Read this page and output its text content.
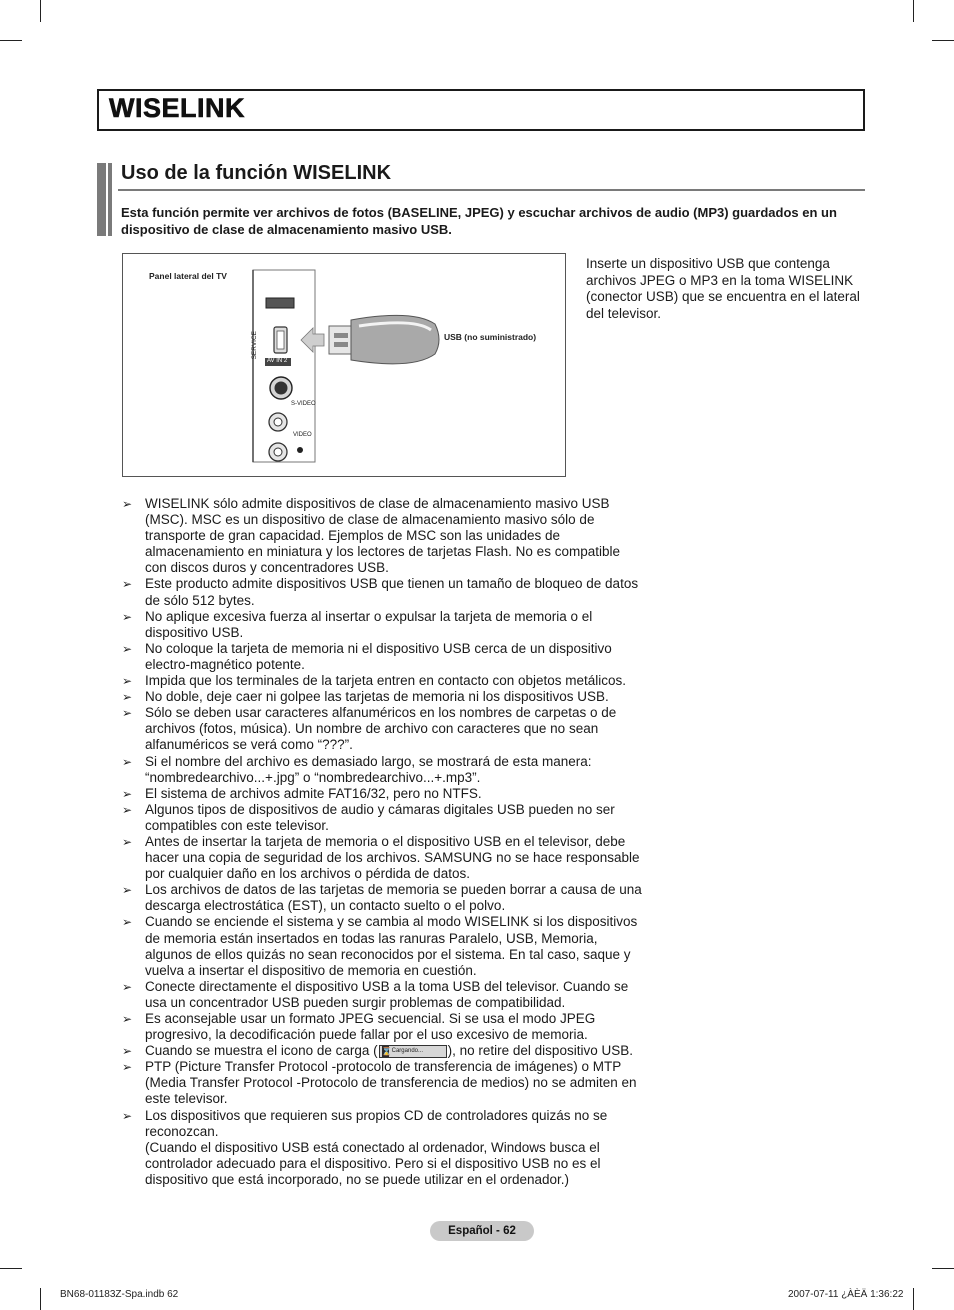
WISELINK
Uso de la función WISELINK

Esta función permite ver archivos de fotos (BASELINE, JPEG) y escuchar archivos de audio (MP3) guardados en un dispositivo de clase de almacenamiento masivo USB.

Panel lateral del TV
HDMI IN 3
SERVICE
AV IN 2
S-VIDEO
VIDEO
USB (no suministrado)

Inserte un dispositivo USB que contenga archivos JPEG o MP3 en la toma WISELINK (conector USB) que se encuentra en el lateral del televisor.

➢ WISELINK sólo admite dispositivos de clase de almacenamiento masivo USB (MSC). MSC es un dispositivo de clase de almacenamiento masivo sólo de transporte de gran capacidad. Ejemplos de MSC son las unidades de almacenamiento en miniatura y los lectores de tarjetas Flash. No es compatible con discos duros y concentradores USB.
➢ Este producto admite dispositivos USB que tienen un tamaño de bloqueo de datos de sólo 512 bytes.
➢ No aplique excesiva fuerza al insertar o expulsar la tarjeta de memoria o el dispositivo USB.
➢ No coloque la tarjeta de memoria ni el dispositivo USB cerca de un dispositivo electro-magnético potente.
➢ Impida que los terminales de la tarjeta entren en contacto con objetos metálicos.
➢ No doble, deje caer ni golpee las tarjetas de memoria ni los dispositivos USB.
➢ Sólo se deben usar caracteres alfanuméricos en los nombres de carpetas o de archivos (fotos, música). Un nombre de archivo con caracteres que no sean alfanuméricos se verá como “???”.
➢ Si el nombre del archivo es demasiado largo, se mostrará de esta manera: “nombredearchivo...+.jpg” o “nombredearchivo...+.mp3”.
➢ El sistema de archivos admite FAT16/32, pero no NTFS.
➢ Algunos tipos de dispositivos de audio y cámaras digitales USB pueden no ser compatibles con este televisor.
➢ Antes de insertar la tarjeta de memoria o el dispositivo USB en el televisor, debe hacer una copia de seguridad de los archivos. SAMSUNG no se hace responsable por cualquier daño en los archivos o pérdida de datos.
➢ Los archivos de datos de las tarjetas de memoria se pueden borrar a causa de una descarga electrostática (EST), un contacto suelto o el polvo.
➢ Cuando se enciende el sistema y se cambia al modo WISELINK si los dispositivos de memoria están insertados en todas las ranuras Paralelo, USB, Memoria, algunos de ellos quizás no sean reconocidos por el sistema. En tal caso, saque y vuelva a insertar el dispositivo de memoria en cuestión.
➢ Conecte directamente el dispositivo USB a la toma USB del televisor. Cuando se usa un concentrador USB pueden surgir problemas de compatibilidad.
➢ Es aconsejable usar un formato JPEG secuencial. Si se usa el modo JPEG progresivo, la decodificación puede fallar por el uso excesivo de memoria.
➢ Cuando se muestra el icono de carga ( ⌛ Cargando... ), no retire del dispositivo USB.
➢ PTP (Picture Transfer Protocol -protocolo de transferencia de imágenes) o MTP (Media Transfer Protocol -Protocolo de transferencia de medios) no se admiten en este televisor.
➢ Los dispositivos que requieren sus propios CD de controladores quizás no se reconozcan.
(Cuando el dispositivo USB está conectado al ordenador, Windows busca el controlador adecuado para el dispositivo. Pero si el dispositivo USB no es el dispositivo que está incorporado, no se puede utilizar en el ordenador.)
Español - 62
BN68-01183Z-Spa.indb 62	2007-07-11 ¿ÀÈÄ 1:36:22
